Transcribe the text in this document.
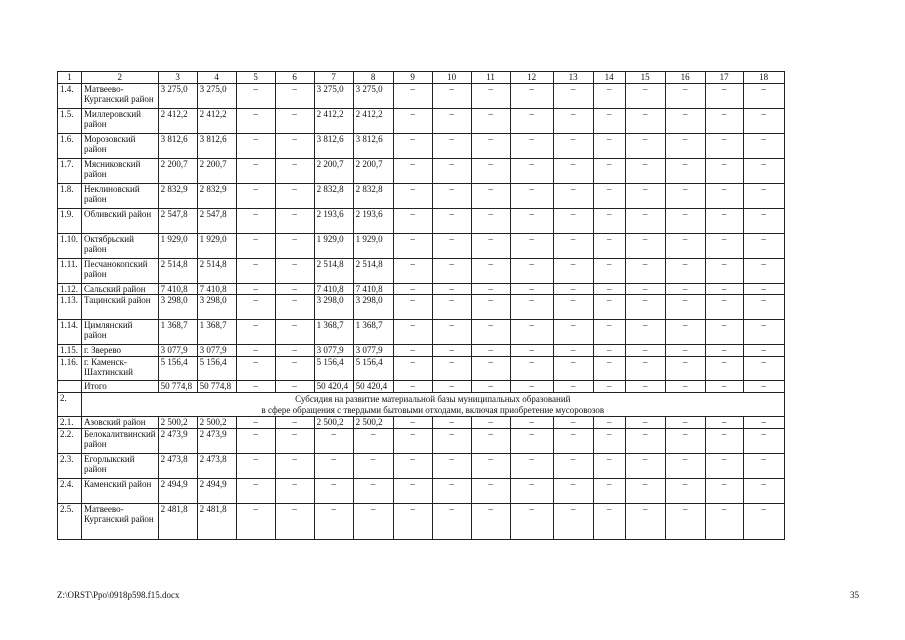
1	2	3	4	5	6	7	8	9	10	11	12	13	14	15	16	17	18
1.4.	Матвеево-Курганский район	3 275,0	3 275,0	–	–	3 275,0	3 275,0	–	–	–	–	–	–	–	–	–	–
1.5.	Миллеровский район	2 412,2	2 412,2	–	–	2 412,2	2 412,2	–	–	–	–	–	–	–	–	–	–
1.6.	Морозовский район	3 812,6	3 812,6	–	–	3 812,6	3 812,6	–	–	–	–	–	–	–	–	–	–
1.7.	Мясниковский район	2 200,7	2 200,7	–	–	2 200,7	2 200,7	–	–	–	–	–	–	–	–	–	–
1.8.	Неклиновский район	2 832,9	2 832,9	–	–	2 832,8	2 832,8	–	–	–	–	–	–	–	–	–	–
1.9.	Обливский район	2 547,8	2 547,8	–	–	2 193,6	2 193,6	–	–	–	–	–	–	–	–	–	–
1.10.	Октябрьский район	1 929,0	1 929,0	–	–	1 929,0	1 929,0	–	–	–	–	–	–	–	–	–	–
1.11.	Песчанокопский район	2 514,8	2 514,8	–	–	2 514,8	2 514,8	–	–	–	–	–	–	–	–	–	–
1.12.	Сальский район	7 410,8	7 410,8	–	–	7 410,8	7 410,8	–	–	–	–	–	–	–	–	–	–
1.13.	Тацинский район	3 298,0	3 298,0	–	–	3 298,0	3 298,0	–	–	–	–	–	–	–	–	–	–
1.14.	Цимлянский район	1 368,7	1 368,7	–	–	1 368,7	1 368,7	–	–	–	–	–	–	–	–	–	–
1.15.	г. Зверево	3 077,9	3 077,9	–	–	3 077,9	3 077,9	–	–	–	–	–	–	–	–	–	–
1.16.	г. Каменск-Шахтинский	5 156,4	5 156,4	–	–	5 156,4	5 156,4	–	–	–	–	–	–	–	–	–	–
	Итого	50 774,8	50 774,8	–	–	50 420,4	50 420,4	–	–	–	–	–	–	–	–	–	–
2.	Субсидия на развитие материальной базы муниципальных образований
в сфере обращения с твердыми бытовыми отходами, включая приобретение мусоровозов																

2.1.	Азовский район	2 500,2	2 500,2	–	–	2 500,2	2 500,2	–	–	–	–	–	–	–	–	–	–
2.2.	Белокалитвинский район	2 473,9	2 473,9	–	–	–	–	–	–	–	–	–	–	–	–	–	–
2.3.	Егорлыкский район	2 473,8	2 473,8	–	–	–	–	–	–	–	–	–	–	–	–	–	–
2.4.	Каменский район	2 494,9	2 494,9	–	–	–	–	–	–	–	–	–	–	–	–	–	–
2.5.	Матвеево-Курганский район	2 481,8	2 481,8	–	–	–	–	–	–	–	–	–	–	–	–	–	–
Z:\ORST\Ppo\0918p598.f15.docx	35
